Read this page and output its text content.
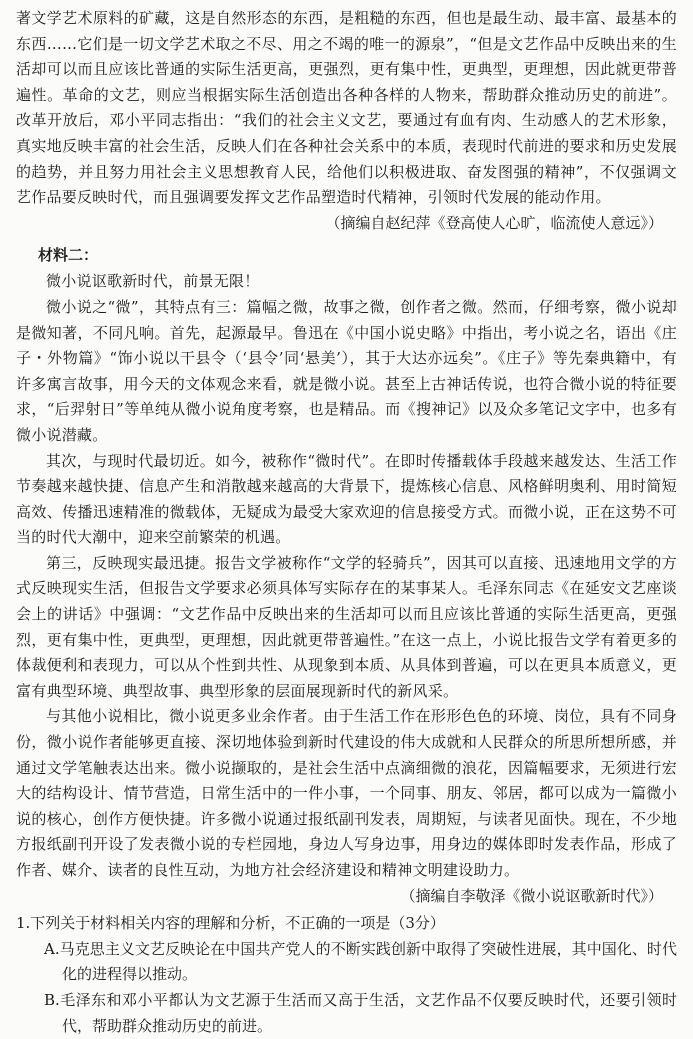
著文学艺术原料的矿藏，这是自然形态的东西，是粗糙的东西，但也是最生动、最丰富、最基本的东西……它们是一切文学艺术取之不尽、用之不竭的唯一的源泉”，“但是文艺作品中反映出来的生活却可以而且应该比普通的实际生活更高，更强烈，更有集中性，更典型，更理想，因此就更带普遍性。革命的文艺，则应当根据实际生活创造出各种各样的人物来，帮助群众推动历史的前进”。改革开放后，邓小平同志指出：“我们的社会主义文艺，要通过有血有肉、生动感人的艺术形象，真实地反映丰富的社会生活，反映人们在各种社会关系中的本质，表现时代前进的要求和历史发展的趋势，并且努力用社会主义思想教育人民，给他们以积极进取、奋发图强的精神”，不仅强调文艺作品要反映时代，而且强调要发挥文艺作品塑造时代精神，引领时代发展的能动作用。

（摘编自赵纪萍《登高使人心旷，临流使人意远》）

材料二：

微小说讴歌新时代，前景无限！

微小说之“微”，其特点有三：篇幅之微，故事之微，创作者之微。然而，仔细考察，微小说却是微知著，不同凡响。首先，起源最早。鲁迅在《中国小说史略》中指出，考小说之名，语出《庄子・外物篇》“饰小说以干县令（‘县令’同‘悬美’），其于大达亦远矣”。《庄子》等先秦典籍中，有许多寓言故事，用今天的文体观念来看，就是微小说。甚至上古神话传说，也符合微小说的特征要求，“后羿射日”等单纯从微小说角度考察，也是精品。而《搜神记》以及众多笔记文字中，也多有微小说潜藏。

其次，与现时代最切近。如今，被称作“微时代”。在即时传播载体手段越来越发达、生活工作节奏越来越快捷、信息产生和消散越来越高的大背景下，提炼核心信息、风格鲜明奥利、用时简短高效、传播迅速精准的微载体，无疑成为最受大家欢迎的信息接受方式。而微小说，正在这势不可当的时代大潮中，迎来空前繁荣的机遇。

第三，反映现实最迅捷。报告文学被称作“文学的轻骑兵”，因其可以直接、迅速地用文学的方式反映现实生活，但报告文学要求必须具体写实际存在的某事某人。毛泽东同志《在延安文艺座谈会上的讲话》中强调：“文艺作品中反映出来的生活却可以而且应该比普通的实际生活更高，更强烈，更有集中性，更典型，更理想，因此就更带普遍性。”在这一点上，小说比报告文学有着更多的体裁便利和表现力，可以从个性到共性、从现象到本质、从具体到普遍，可以在更具本质意义，更富有典型环境、典型故事、典型形象的层面展现新时代的新风采。

与其他小说相比，微小说更多业余作者。由于生活工作在形形色色的环境、岗位，具有不同身份，微小说作者能够更直接、深切地体验到新时代建设的伟大成就和人民群众的所思所想所感，并通过文学笔触表达出来。微小说撷取的，是社会生活中点滴细微的浪花，因篇幅要求，无须进行宏大的结构设计、情节营造，日常生活中的一件小事，一个同事、朋友、邻居，都可以成为一篇微小说的核心，创作方便快捷。许多微小说通过报纸副刊发表，周期短，与读者见面快。现在，不少地方报纸副刊开设了发表微小说的专栏园地，身边人写身边事，用身边的媒体即时发表作品，形成了作者、媒介、读者的良性互动，为地方社会经济建设和精神文明建设助力。

（摘编自李敬泽《微小说讴歌新时代》）

1.下列关于材料相关内容的理解和分析，不正确的一项是（3分）

A.马克思主义文艺反映论在中国共产党人的不断实践创新中取得了突破性进展，其中国化、时代化的进程得以推动。

B.毛泽东和邓小平都认为文艺源于生活而又高于生活，文艺作品不仅要反映时代，还要引领时代，帮助群众推动历史的前进。
